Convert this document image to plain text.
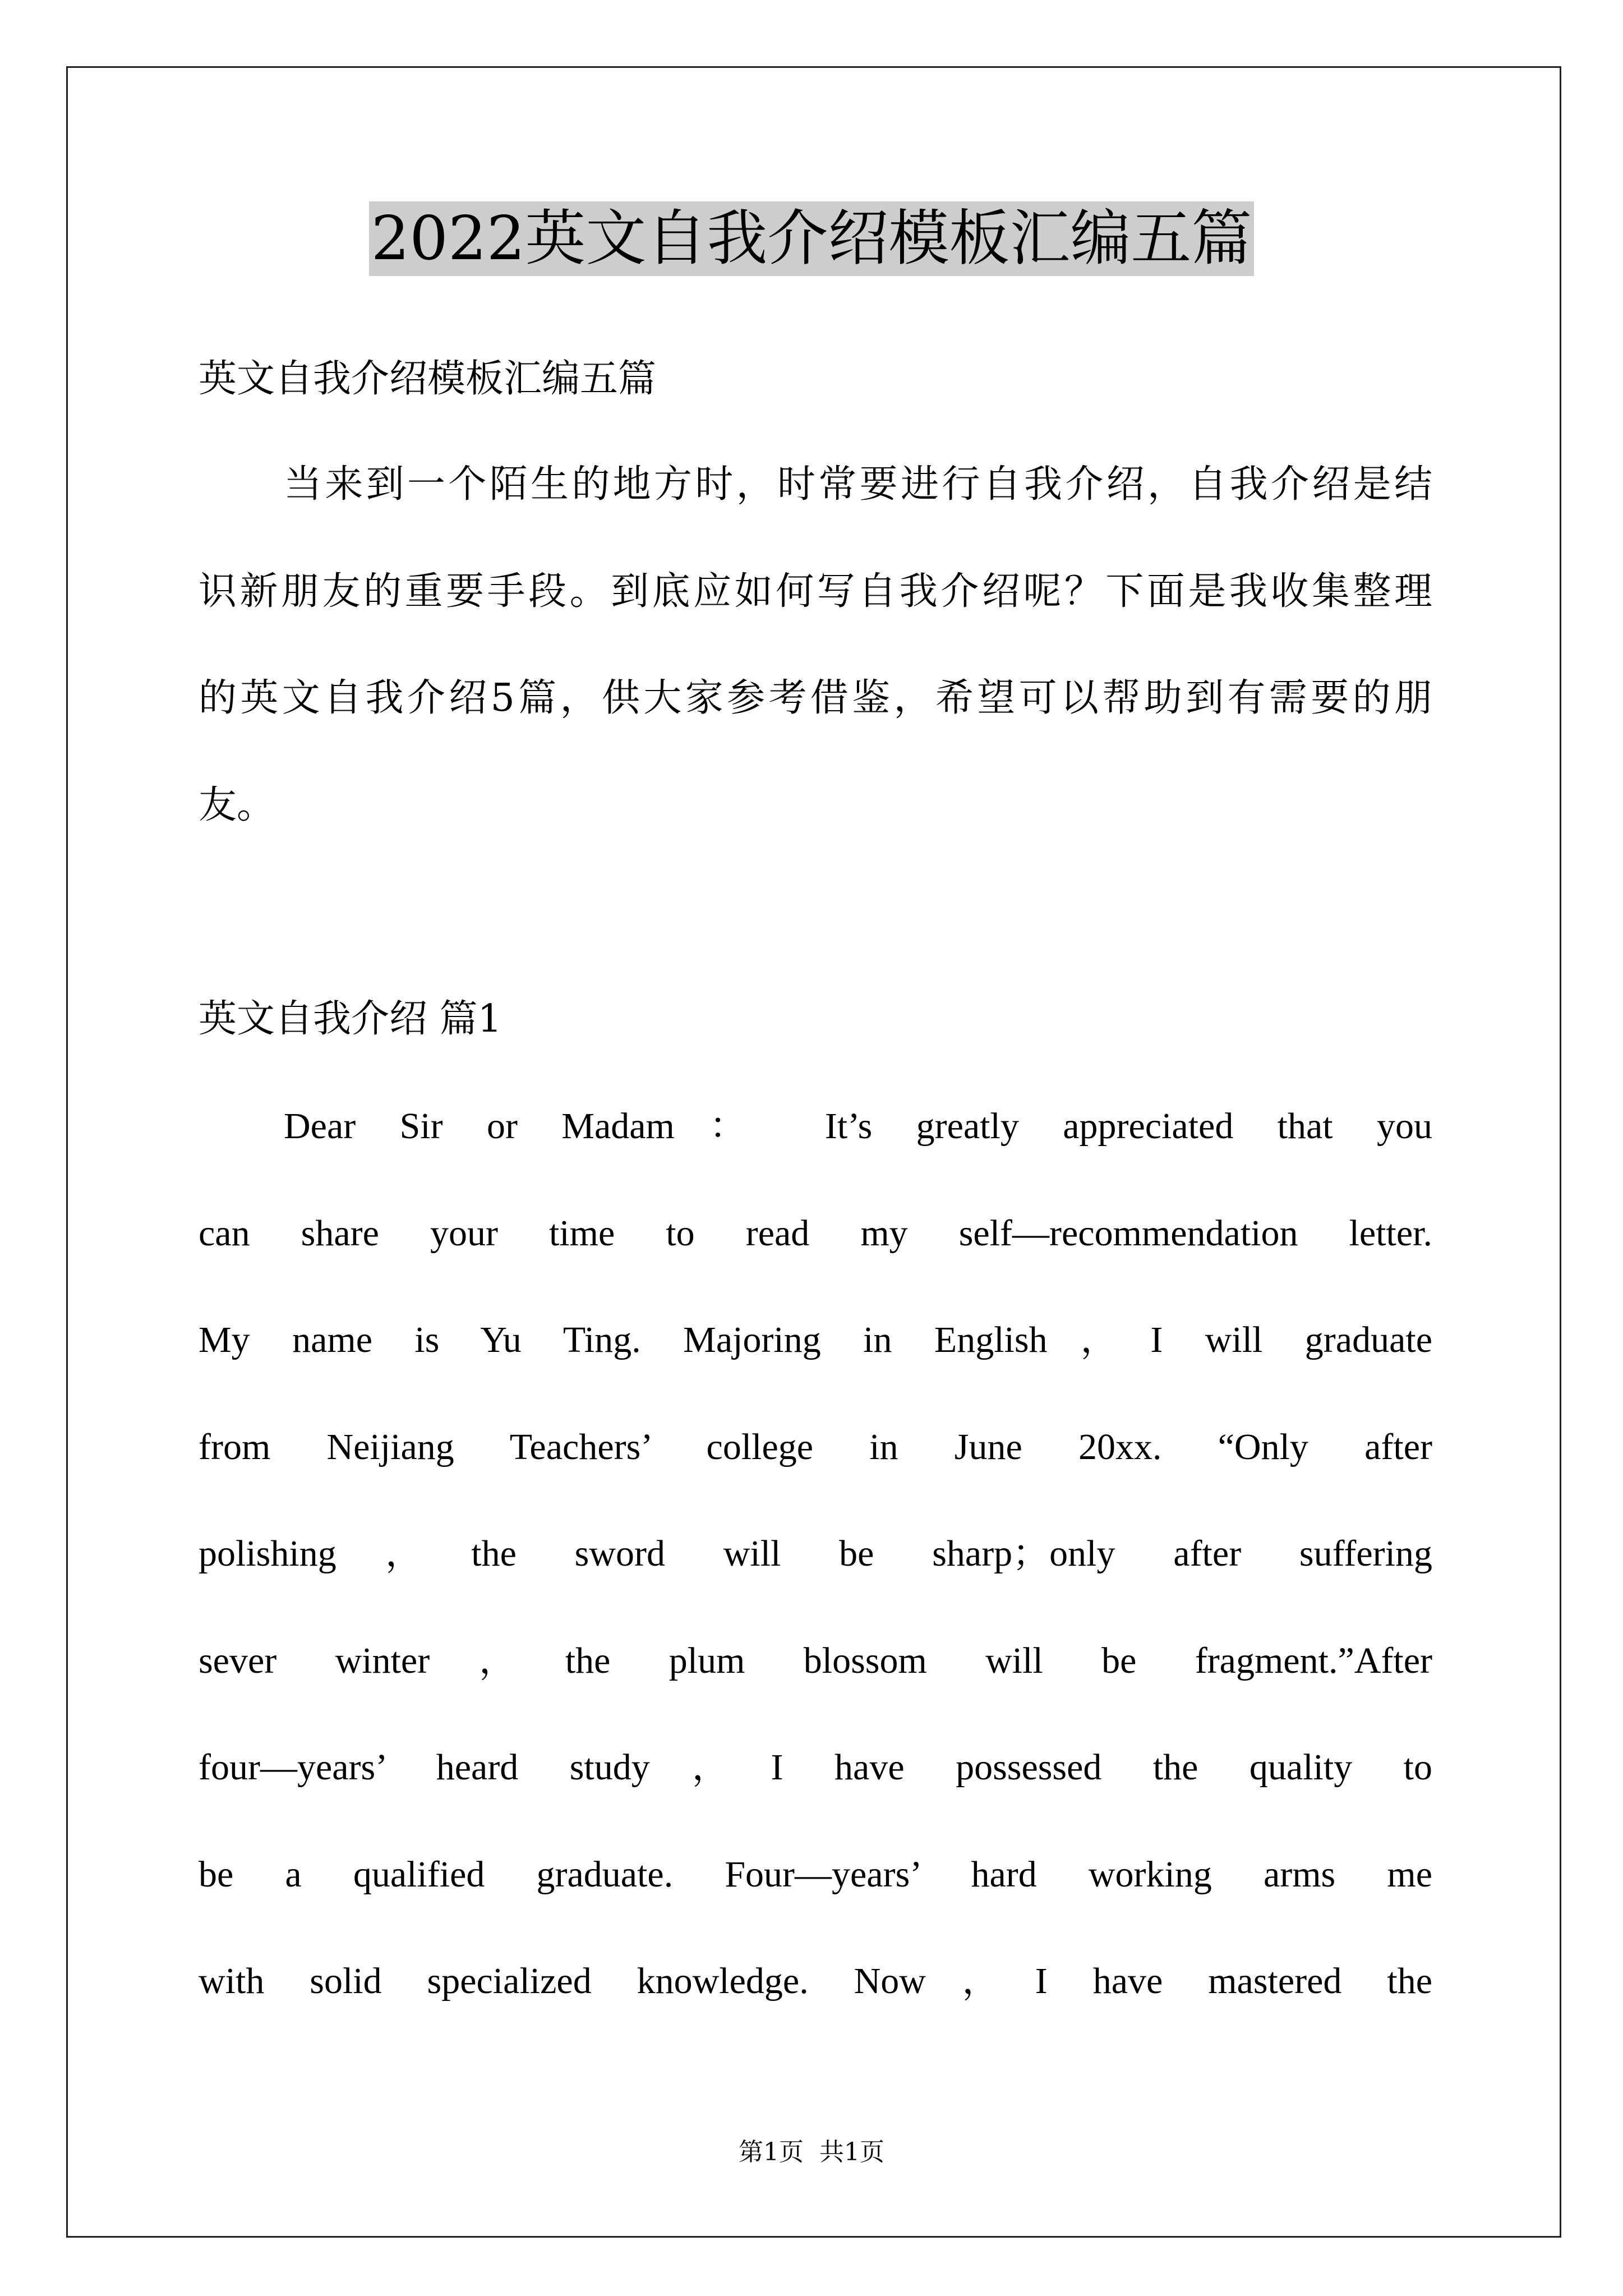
2022英文自我介绍模板汇编五篇
英文自我介绍模板汇编五篇
当来到一个陌生的地方时，时常要进行自我介绍，自我介绍是结
识新朋友的重要手段。到底应如何写自我介绍呢？下面是我收集整理
的英文自我介绍5篇，供大家参考借鉴，希望可以帮助到有需要的朋
友。
英文自我介绍 篇1
Dear Sir or Madam： It’s greatly appreciated that you
can share your time to read my self—recommendation letter.
My name is Yu Ting. Majoring in English，I will graduate
from Neijiang Teachers’ college in June 20xx. “Only after
polishing，the sword will be sharp；only after suffering
sever winter，the plum blossom will be fragment.”After
four—years’ heard study，I have possessed the quality to
be a qualified graduate. Four—years’ hard working arms me
with solid specialized knowledge. Now，I have mastered the
第1页  共1页
